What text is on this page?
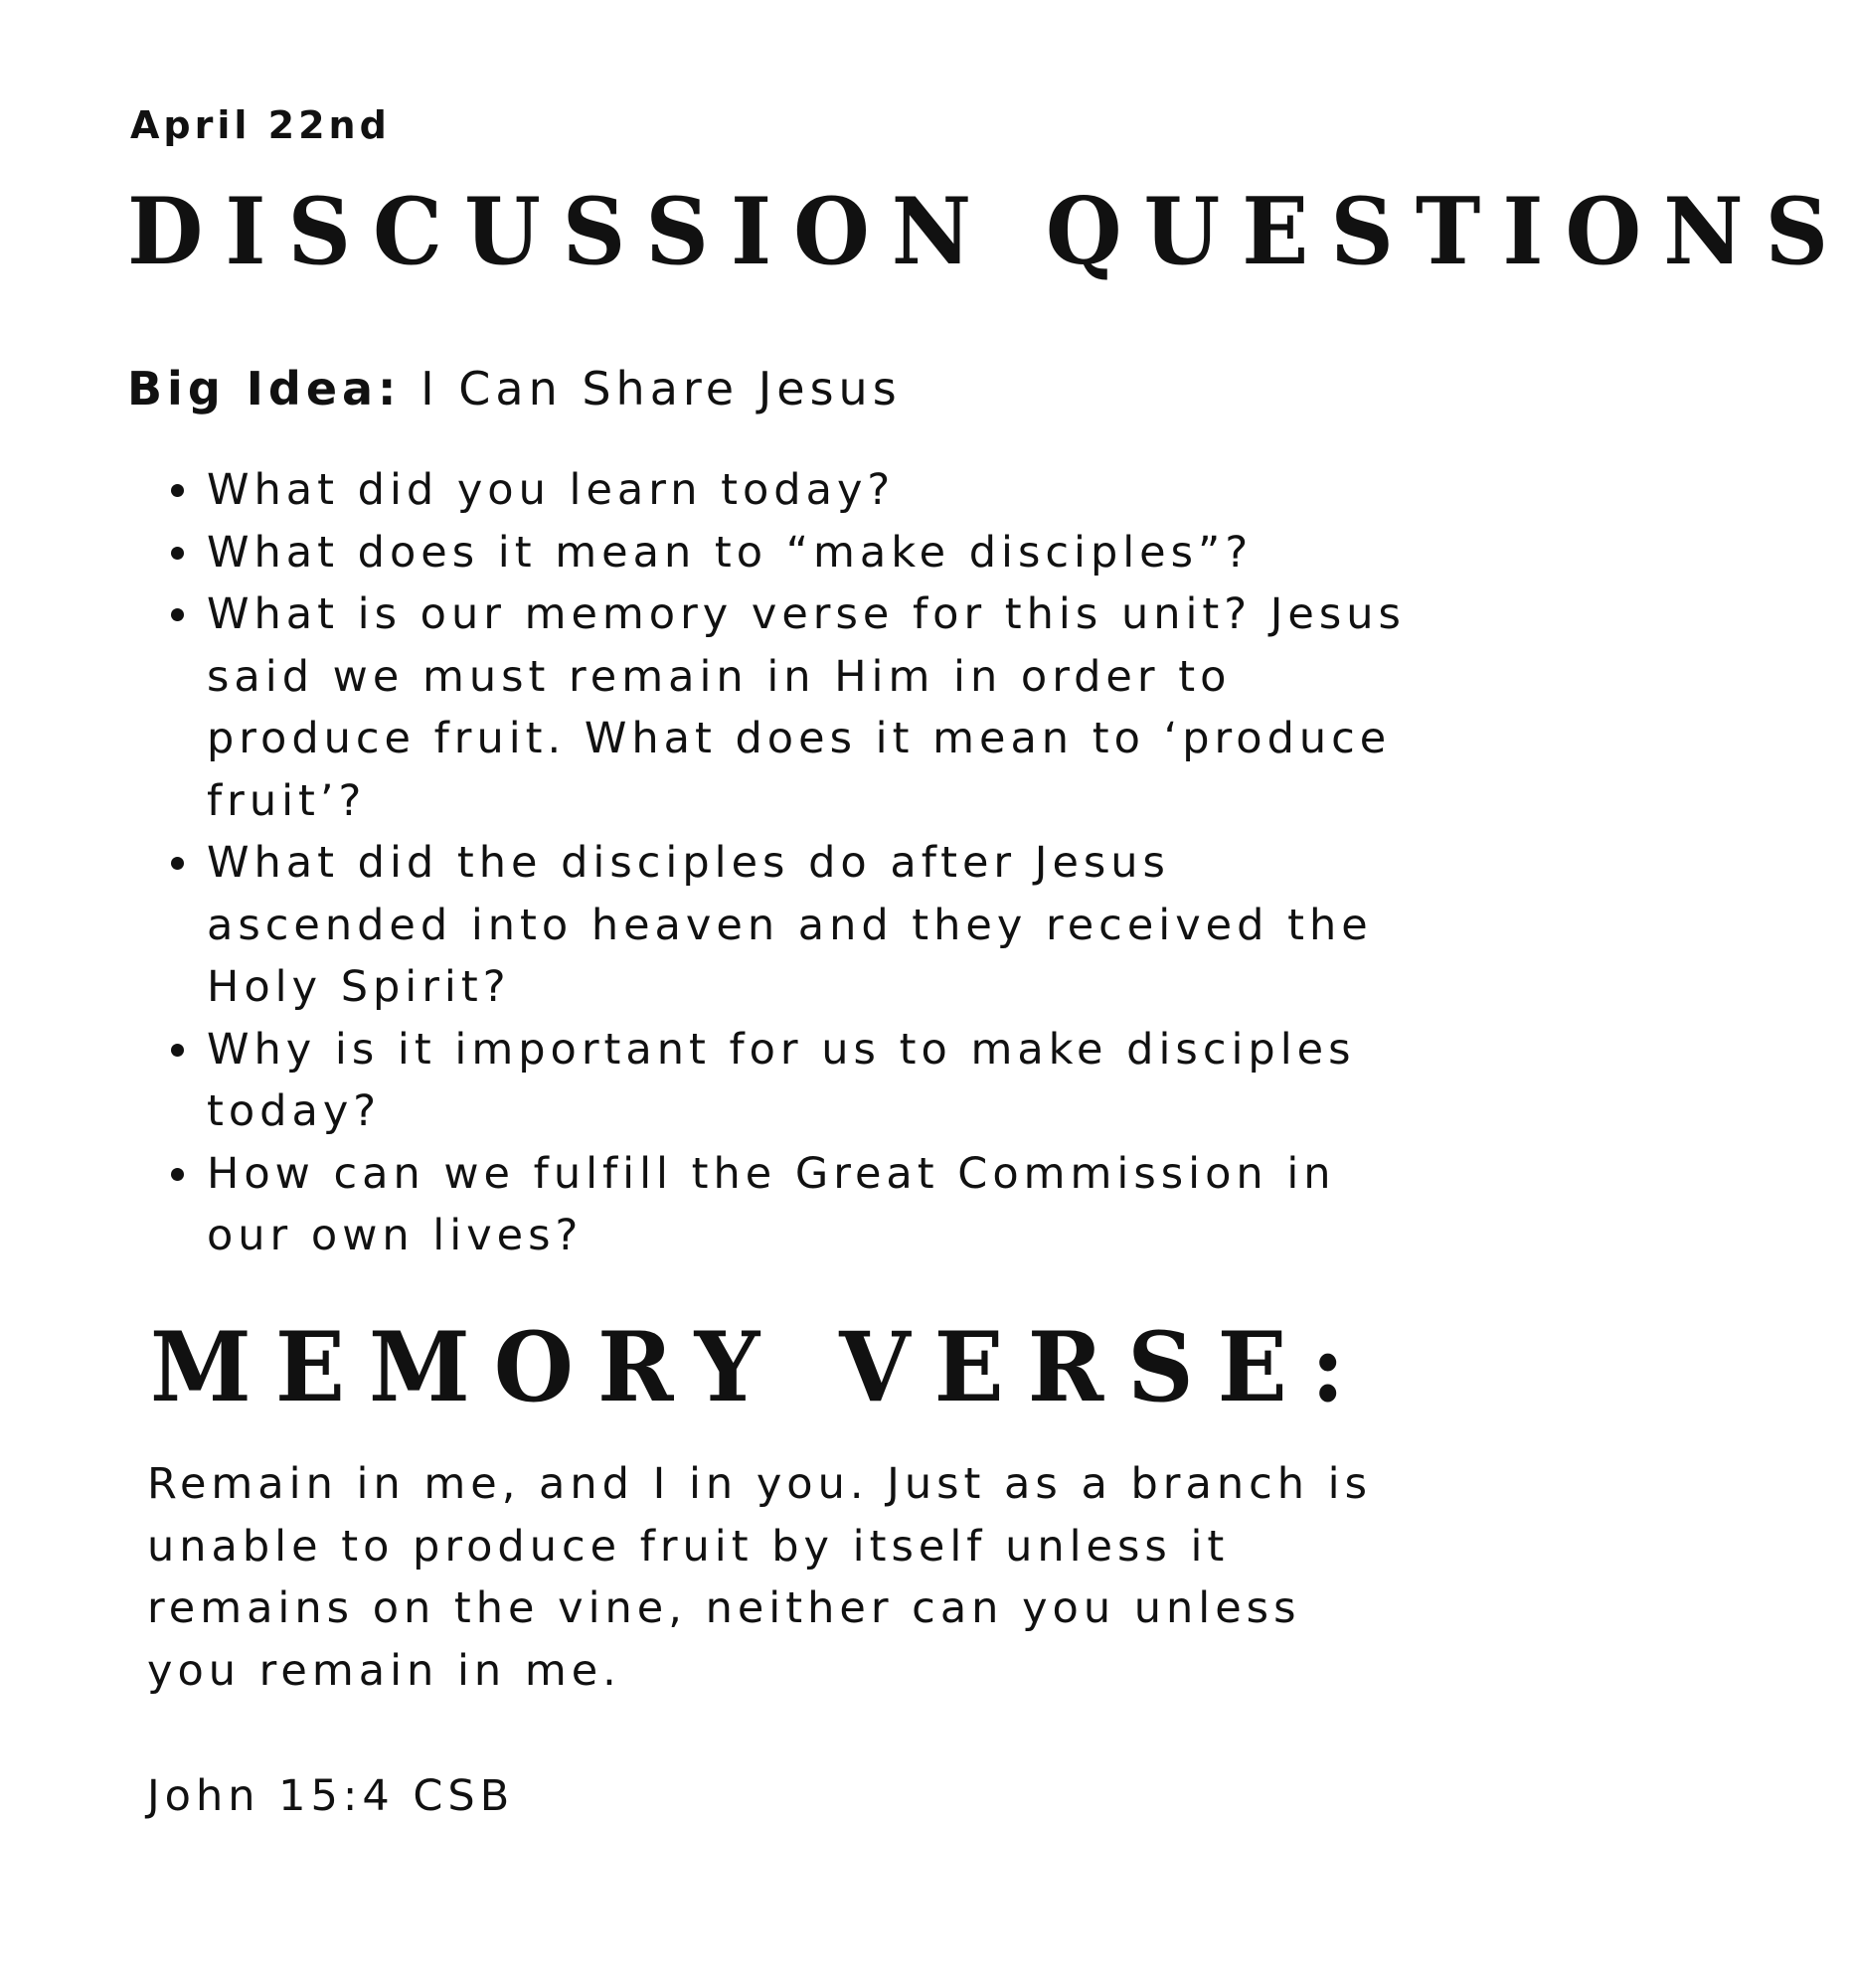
April 22nd
DISCUSSION QUESTIONS
Big Idea: I Can Share Jesus
What did you learn today?
What does it mean to “make disciples”?
What is our memory verse for this unit? Jesus said we must remain in Him in order to produce fruit. What does it mean to ‘produce fruit’?
What did the disciples do after Jesus ascended into heaven and they received the Holy Spirit?
Why is it important for us to make disciples today?
How can we fulfill the Great Commission in our own lives?
MEMORY VERSE:

Remain in me, and I in you. Just as a branch is unable to produce fruit by itself unless it remains on the vine, neither can you unless you remain in me.

John 15:4 CSB
